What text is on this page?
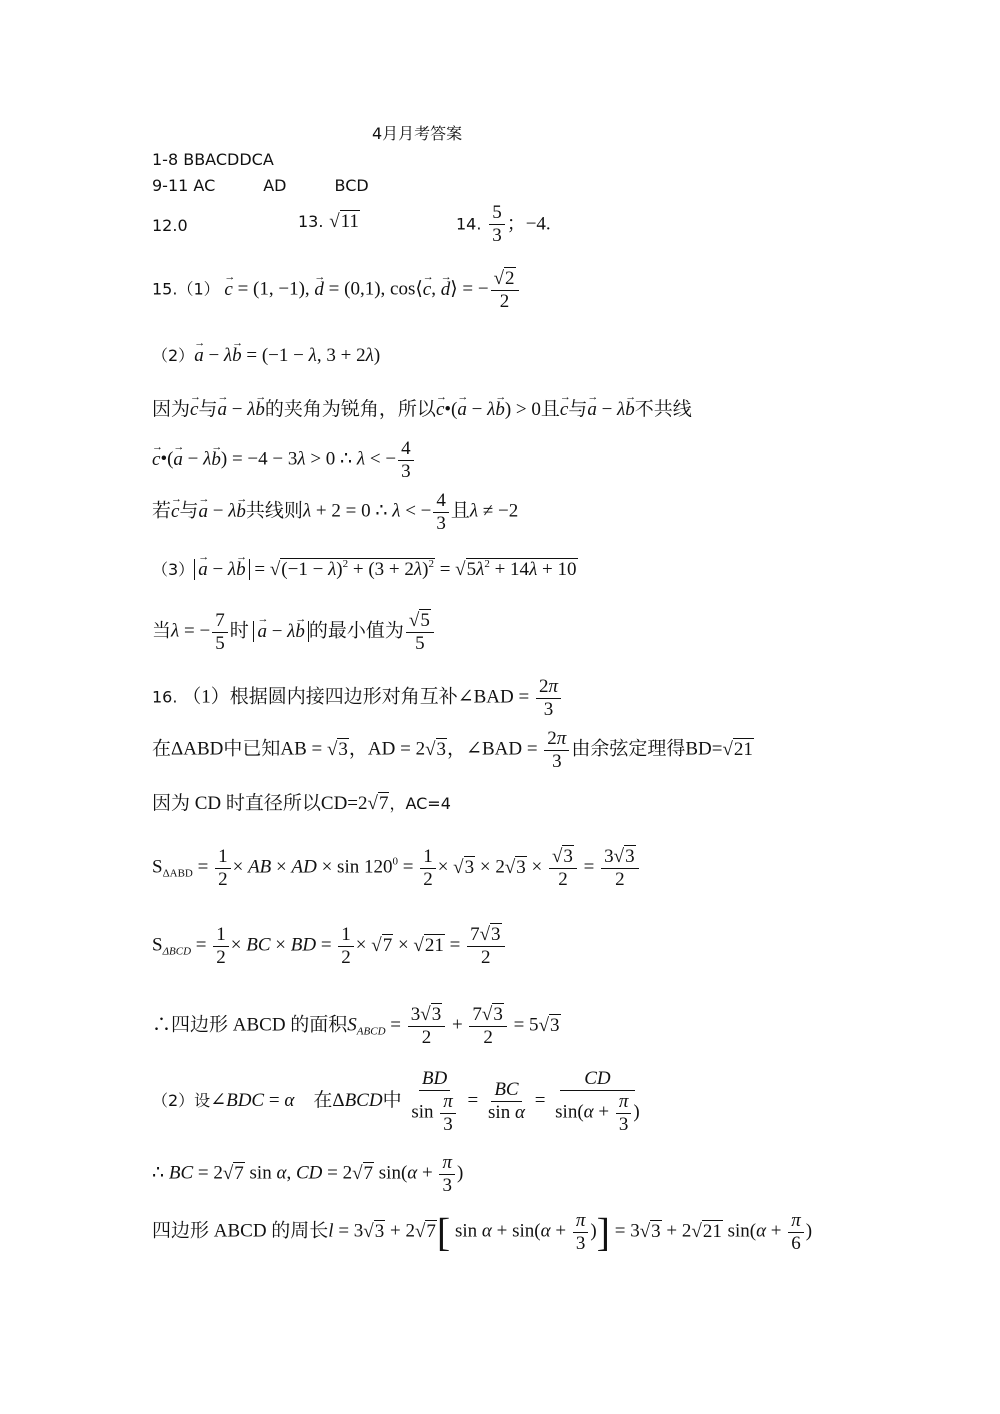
4月月考答案
1-8 BBACDDCA
9-11 AC	AD	BCD
12.0	13. √ 11	14. $\frac{5}{3}$ ；−4.
15.（1） c → = (1, −1), d → = (0,1), cos⟨c →, d →⟩ = −
√ $\frac{2}{2}$
（2）a → − λb → = (−1 − λ, 3 + 2λ)
因为c →与a → − λb →的夹角为锐角，所以c →•(a → − λb →) > 0且c →与a → − λb →不共线
c →•(a → − λb →) = −4 − 3λ > 0 ∴ λ < − $\frac{4}{3}$
若c →与a → − λb →共线则λ + 2 = 0 ∴ λ < − $\frac{4}{3}$ 且λ ≠ −2
（3） a → − λb → = √ $(-1 - \lambda)^2 + (3 + 2\lambda)^2$ = √ $5\lambda^2 + 14\lambda + 10$
当λ = − $\frac{7}{5}$ 时 a → − λb → 的最小值为
√ $\frac{5}{5}$
16. （1）根据圆内接四边形对角互补∠BAD = $\frac{2\pi}{3}$
在ΔABD中已知AB = √ 3，AD = 2√ 3，∠BAD = $\frac{2\pi}{3}$ 由余弦定理得BD=√ 21
因为 CD 时直径所以CD=2√ 7，AC=4
$S_{\Delta ABD} = \frac{1}{2}$ × AB × AD × $\sin 120^0 = \frac{1}{2}$ × √ 3 × 2√ 3 ×
√ $\frac{3}{2} = \frac{3√ 3}{2}$
$S_{\Delta BCD} = \frac{1}{2}$ × BC × BD = $\frac{1}{2}$ × √ 7 × √ $21 = \frac{7√ 3}{2}$
∴四边形 ABCD 的面积$S_{ABCD} = \frac{3√ 3}{2} + \frac{7√ 3}{2} = 5√$ 3
（2）设∠BDC = α　 在ΔBCD中 $\frac{BD}{\sin \frac{\pi}{3}} = \frac{BC}{\text{sin α}} = \frac{CD}{\sin(\alpha + \frac{\pi}{3} )}$
∴ BC = 2√ 7 sin α, CD = 2√ 7 $\sin(\alpha + \frac{\pi}{3}$ )
四边形 ABCD 的周长l = 3√ 3 + 2√ 7[ $\sin \alpha + \sin(\alpha + \frac{\pi}{3}$ )] = 3√ 3 + 2√ 21 $\sin(\alpha + \frac{\pi}{6}$ )
